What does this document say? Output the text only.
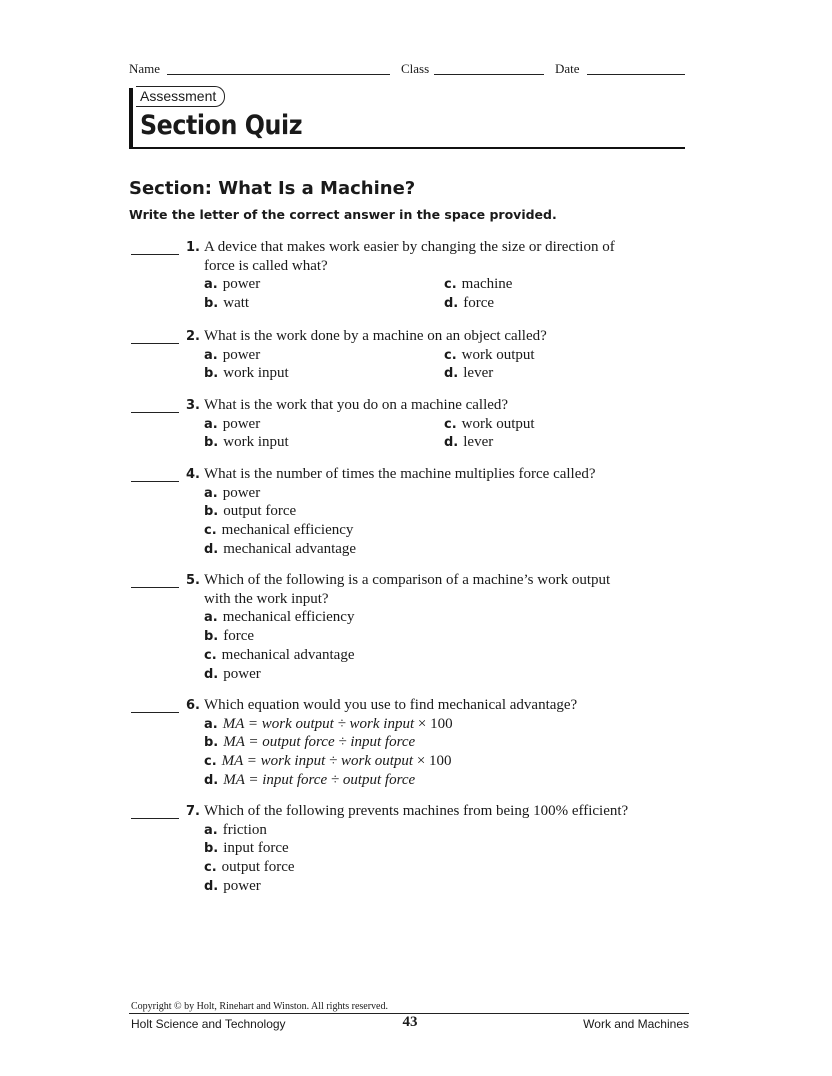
Name	Class	Date
Assessment
Section Quiz
Section: What Is a Machine?
Write the letter of the correct answer in the space provided.
1. A device that makes work easier by changing the size or direction of
force is called what?
a. power
b. watt
c. machine
d. force
2. What is the work done by a machine on an object called?
a. power
b. work input
c. work output
d. lever
3. What is the work that you do on a machine called?
a. power
b. work input
c. work output
d. lever
4. What is the number of times the machine multiplies force called?
a. power
b. output force
c. mechanical efficiency
d. mechanical advantage
5. Which of the following is a comparison of a machine’s work output
with the work input?
a. mechanical efficiency
b. force
c. mechanical advantage
d. power
6. Which equation would you use to find mechanical advantage?
a. MA = work output ÷ work input × 100
b. MA = output force ÷ input force
c. MA = work input ÷ work output × 100
d. MA = input force ÷ output force
7. Which of the following prevents machines from being 100% efficient?
a. friction
b. input force
c. output force
d. power
Copyright © by Holt, Rinehart and Winston. All rights reserved.
Holt Science and Technology	43	Work and Machines
